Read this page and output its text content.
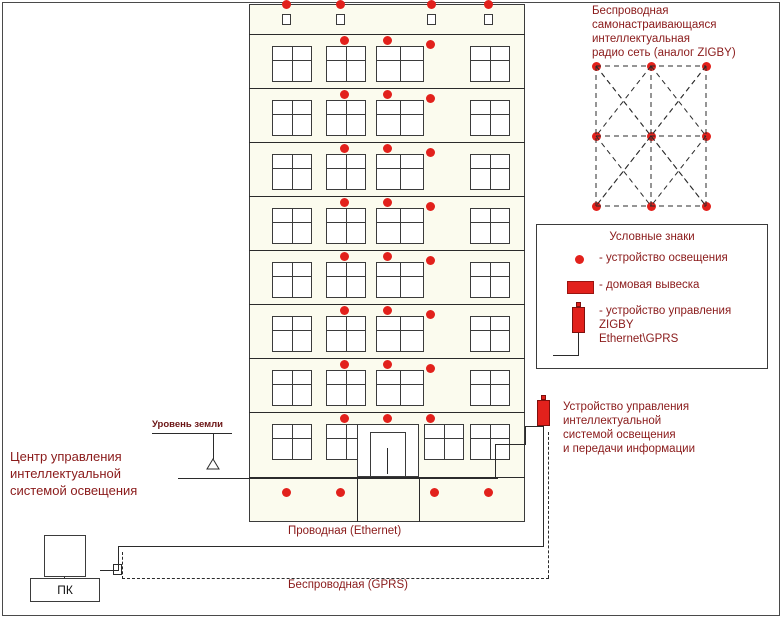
Беспроводная
самонастраивающаяся
интеллектуальная
радио сеть (аналог ZIGBY)
Условные знаки
- устройство освещения
- домовая вывеска
- устройство управления
ZIGBY
Ethernet\GPRS
Устройство управления
интеллектуальной
системой освещения
и передачи информации
Проводная (Ethernet)
Беспроводная (GPRS)
Уровень земли
Центр управления
интеллектуальной
системой освещения
ПК
